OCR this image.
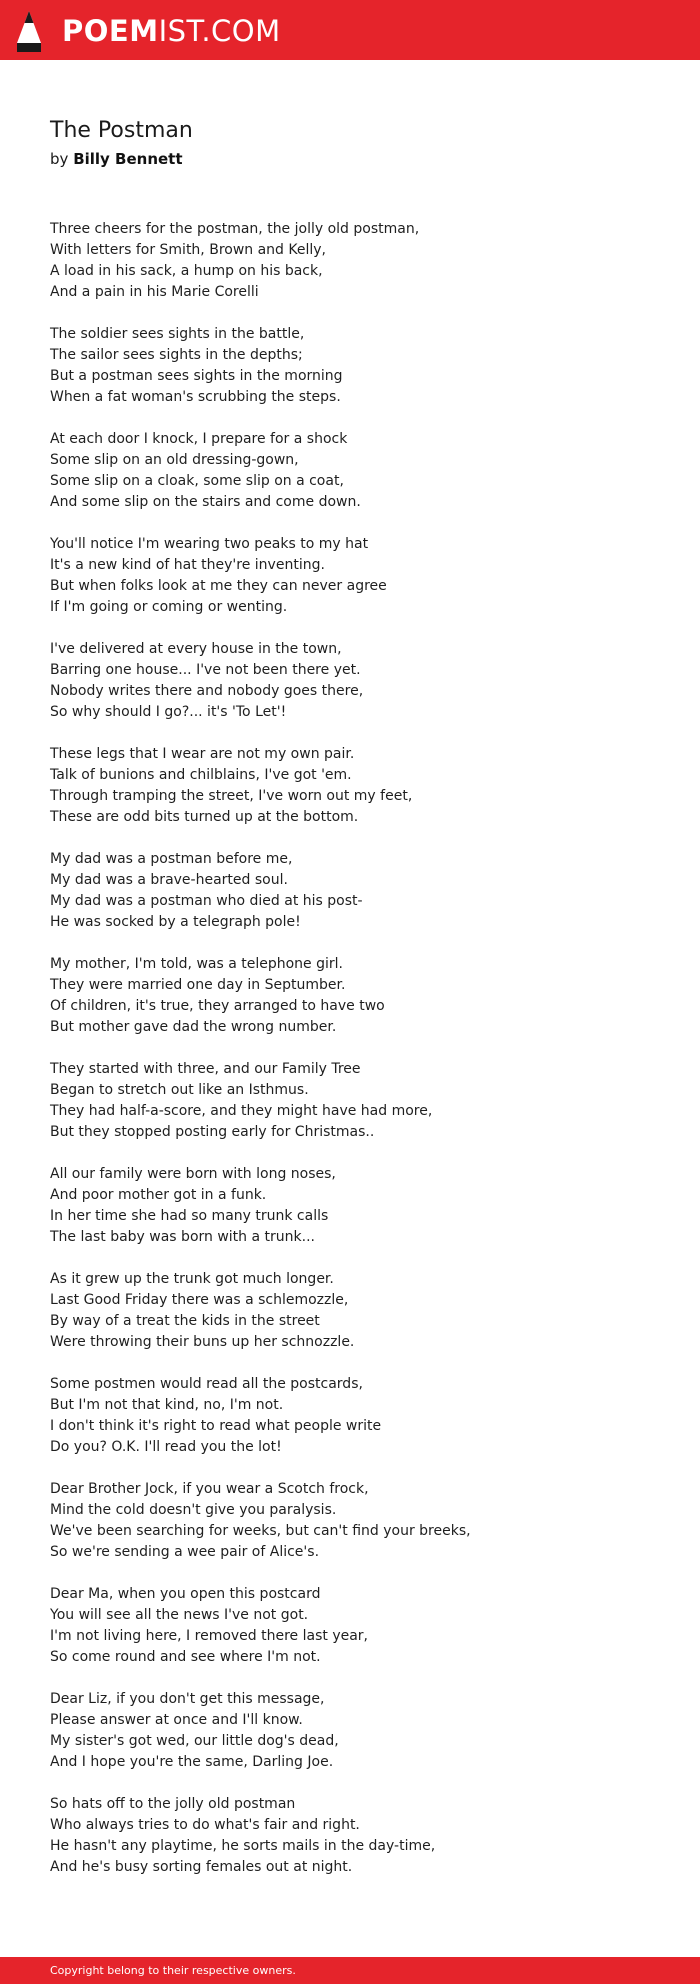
POEMIST.COM
The Postman
by Billy Bennett
Three cheers for the postman, the jolly old postman,
With letters for Smith, Brown and Kelly,
A load in his sack, a hump on his back,
And a pain in his Marie Corelli
The soldier sees sights in the battle,
The sailor sees sights in the depths;
But a postman sees sights in the morning
When a fat woman's scrubbing the steps.
At each door I knock, I prepare for a shock
Some slip on an old dressing-gown,
Some slip on a cloak, some slip on a coat,
And some slip on the stairs and come down.
You'll notice I'm wearing two peaks to my hat
It's a new kind of hat they're inventing.
But when folks look at me they can never agree
If I'm going or coming or wenting.
I've delivered at every house in the town,
Barring one house... I've not been there yet.
Nobody writes there and nobody goes there,
So why should I go?... it's 'To Let'!
These legs that I wear are not my own pair.
Talk of bunions and chilblains, I've got 'em.
Through tramping the street, I've worn out my feet,
These are odd bits turned up at the bottom.
My dad was a postman before me,
My dad was a brave-hearted soul.
My dad was a postman who died at his post-
He was socked by a telegraph pole!
My mother, I'm told, was a telephone girl.
They were married one day in Septumber.
Of children, it's true, they arranged to have two
But mother gave dad the wrong number.
They started with three, and our Family Tree
Began to stretch out like an Isthmus.
They had half-a-score, and they might have had more,
But they stopped posting early for Christmas..
All our family were born with long noses,
And poor mother got in a funk.
In her time she had so many trunk calls
The last baby was born with a trunk...
As it grew up the trunk got much longer.
Last Good Friday there was a schlemozzle,
By way of a treat the kids in the street
Were throwing their buns up her schnozzle.
Some postmen would read all the postcards,
But I'm not that kind, no, I'm not.
I don't think it's right to read what people write
Do you? O.K. I'll read you the lot!
Dear Brother Jock, if you wear a Scotch frock,
Mind the cold doesn't give you paralysis.
We've been searching for weeks, but can't find your breeks,
So we're sending a wee pair of Alice's.
Dear Ma, when you open this postcard
You will see all the news I've not got.
I'm not living here, I removed there last year,
So come round and see where I'm not.
Dear Liz, if you don't get this message,
Please answer at once and I'll know.
My sister's got wed, our little dog's dead,
And I hope you're the same, Darling Joe.
So hats off to the jolly old postman
Who always tries to do what's fair and right.
He hasn't any playtime, he sorts mails in the day-time,
And he's busy sorting females out at night.
Copyright belong to their respective owners.
